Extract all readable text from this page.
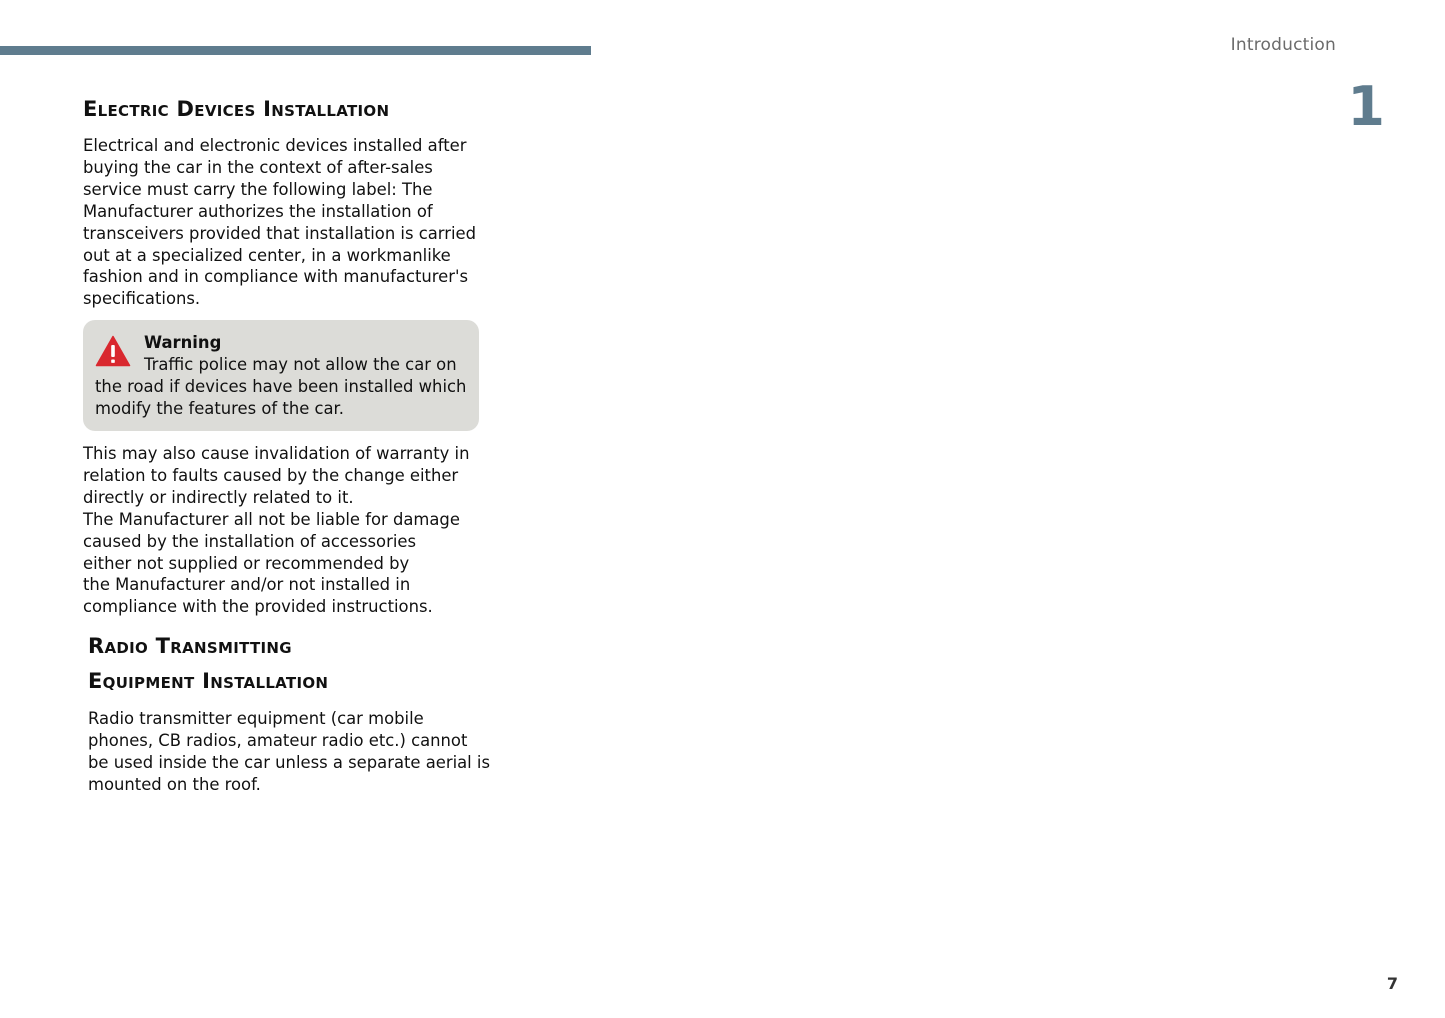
Introduction
1
Electric Devices Installation

Electrical and electronic devices installed after
buying the car in the context of after-sales
service must carry the following label: The
Manufacturer authorizes the installation of
transceivers provided that installation is carried
out at a specialized center, in a workmanlike
fashion and in compliance with manufacturer's
specifications.

Warning

Traffic police may not allow the car on
the road if devices have been installed which
modify the features of the car.

This may also cause invalidation of warranty in
relation to faults caused by the change either
directly or indirectly related to it.
The Manufacturer all not be liable for damage
caused by the installation of accessories
either not supplied or recommended by
the Manufacturer and/or not installed in
compliance with the provided instructions.

Radio Transmitting
Equipment Installation

Radio transmitter equipment (car mobile
phones, CB radios, amateur radio etc.) cannot
be used inside the car unless a separate aerial is
mounted on the roof.

7
